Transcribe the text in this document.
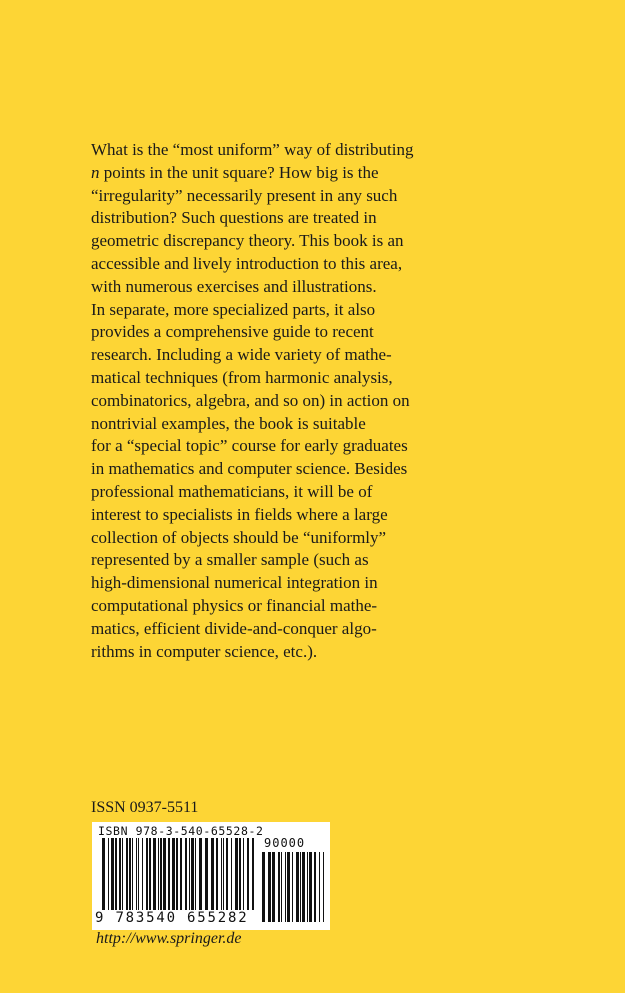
What is the “most uniform” way of distributing
n points in the unit square? How big is the
“irregularity” necessarily present in any such
distribution? Such questions are treated in
geometric discrepancy theory. This book is an
accessible and lively introduction to this area,
with numerous exercises and illustrations.
In separate, more specialized parts, it also
provides a comprehensive guide to recent
research. Including a wide variety of mathe-
matical techniques (from harmonic analysis,
combinatorics, algebra, and so on) in action on
nontrivial examples, the book is suitable
for a “special topic” course for early graduates
in mathematics and computer science. Besides
professional mathematicians, it will be of
interest to specialists in fields where a large
collection of objects should be “uniformly”
represented by a smaller sample (such as
high-dimensional numerical integration in
computational physics or financial mathe-
matics, efficient divide-and-conquer algo-
rithms in computer science, etc.).
ISSN 0937-5511
ISBN 978-3-540-65528-2
90000
9 783540 655282
http://www.springer.de
